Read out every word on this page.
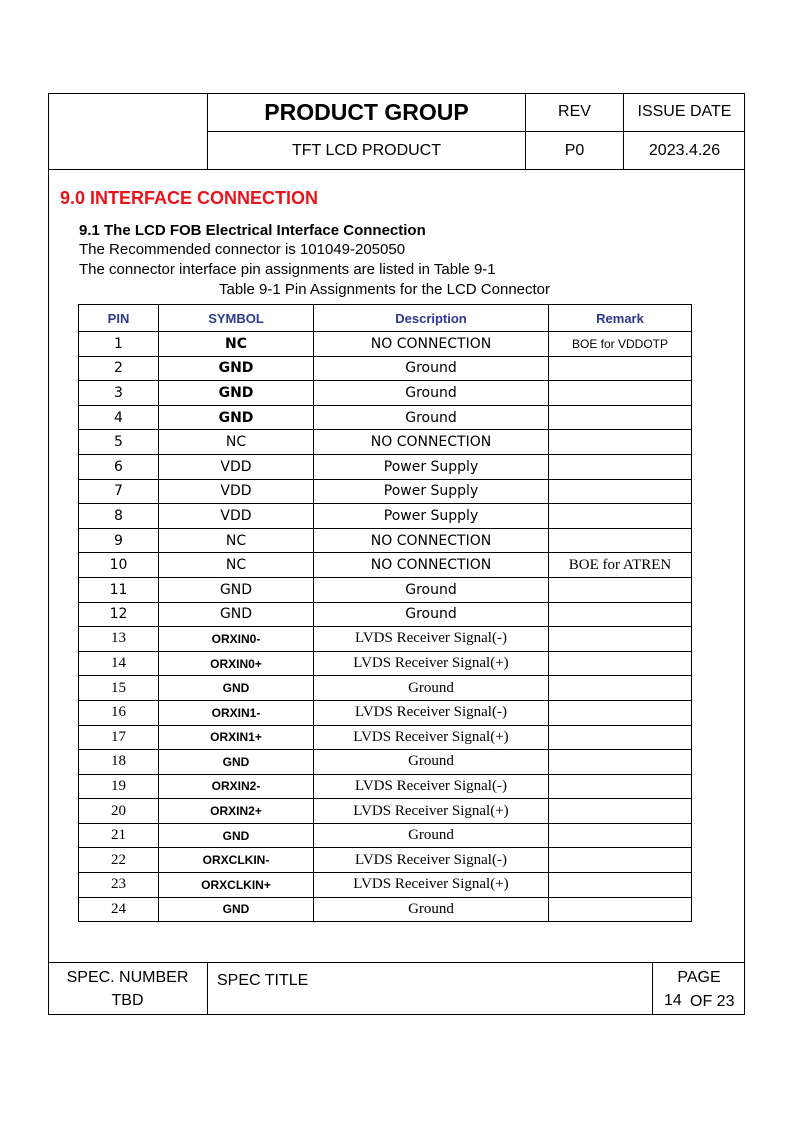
PRODUCT GROUP	REV	ISSUE DATE
TFT LCD PRODUCT	P0	2023.4.26
9.0 INTERFACE CONNECTION
9.1 The LCD FOB Electrical Interface Connection
The Recommended connector is 101049-205050
The connector interface pin assignments are listed in Table 9-1
Table 9-1 Pin Assignments for the LCD Connector
PIN	SYMBOL	Description	Remark
1	NC	NO CONNECTION	BOE for VDDOTP
2	GND	Ground	
3	GND	Ground	
4	GND	Ground	
5	NC	NO CONNECTION	
6	VDD	Power Supply	
7	VDD	Power Supply	
8	VDD	Power Supply	
9	NC	NO CONNECTION	
10	NC	NO CONNECTION	BOE for ATREN
11	GND	Ground	
12	GND	Ground	
13	ORXIN0-	LVDS Receiver Signal(-)	
14	ORXIN0+	LVDS Receiver Signal(+)	
15	GND	Ground	
16	ORXIN1-	LVDS Receiver Signal(-)	
17	ORXIN1+	LVDS Receiver Signal(+)	
18	GND	Ground	
19	ORXIN2-	LVDS Receiver Signal(-)	
20	ORXIN2+	LVDS Receiver Signal(+)	
21	GND	Ground	
22	ORXCLKIN-	LVDS Receiver Signal(-)	
23	ORXCLKIN+	LVDS Receiver Signal(+)	
24	GND	Ground	
SPEC. NUMBER
TBD
SPEC TITLE	PAGE
14 OF 23
